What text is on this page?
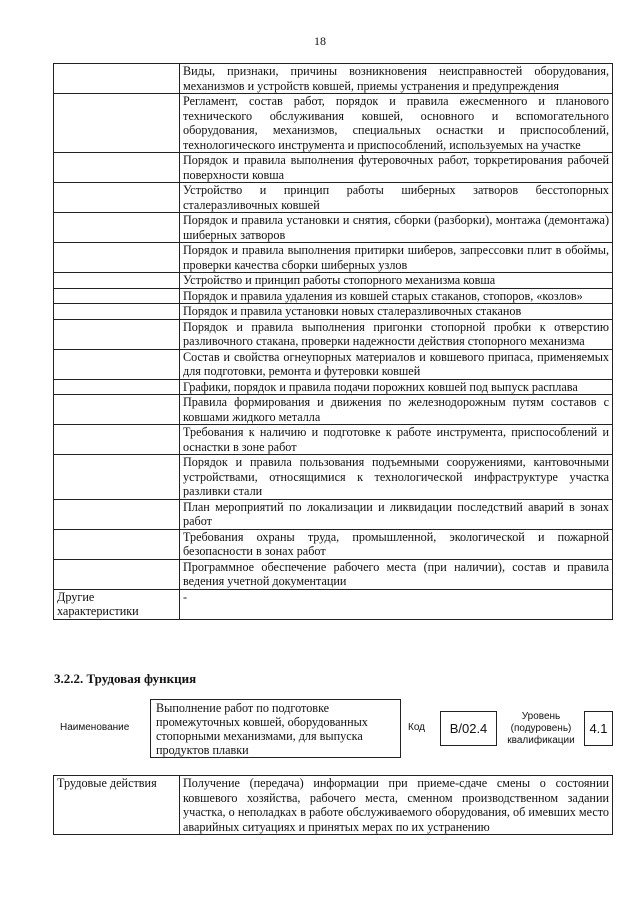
18
	Виды, признаки, причины возникновения неисправностей оборудования, механизмов и устройств ковшей, приемы устранения и предупреждения
	Регламент, состав работ, порядок и правила ежесменного и планового технического обслуживания ковшей, основного и вспомогательного оборудования, механизмов, специальных оснастки и приспособлений, технологического инструмента и приспособлений, используемых на участке
	Порядок и правила выполнения футеровочных работ, торкретирования рабочей поверхности ковша
	Устройство и принцип работы шиберных затворов бесстопорных сталеразливочных ковшей
	Порядок и правила установки и снятия, сборки (разборки), монтажа (демонтажа) шиберных затворов
	Порядок и правила выполнения притирки шиберов, запрессовки плит в обоймы, проверки качества сборки шиберных узлов
	Устройство и принцип работы стопорного механизма ковша
	Порядок и правила удаления из ковшей старых стаканов, стопоров, «козлов»
	Порядок и правила установки новых сталеразливочных стаканов
	Порядок и правила выполнения пригонки стопорной пробки к отверстию разливочного стакана, проверки надежности действия стопорного механизма
	Состав и свойства огнеупорных материалов и ковшевого припаса, применяемых для подготовки, ремонта и футеровки ковшей
	Графики, порядок и правила подачи порожних ковшей под выпуск расплава
	Правила формирования и движения по железнодорожным путям составов с ковшами жидкого металла
	Требования к наличию и подготовке к работе инструмента, приспособлений и оснастки в зоне работ
	Порядок и правила пользования подъемными сооружениями, кантовочными устройствами, относящимися к технологической инфраструктуре участка разливки стали
	План мероприятий по локализации и ликвидации последствий аварий в зонах работ
	Требования охраны труда, промышленной, экологической и пожарной безопасности в зонах работ
	Программное обеспечение рабочего места (при наличии), состав и правила ведения учетной документации
Другие характеристики	-
3.2.2. Трудовая функция
Наименование
Выполнение работ по подготовке промежуточных ковшей, оборудованных стопорными механизмами, для выпуска продуктов плавки
Код	В/02.4
Уровень (подуровень) квалификации
4.1
Трудовые действия	Получение (передача) информации при приеме-сдаче смены о состоянии ковшевого хозяйства, рабочего места, сменном производственном задании участка, о неполадках в работе обслуживаемого оборудования, об имевших место аварийных ситуациях и принятых мерах по их устранению
